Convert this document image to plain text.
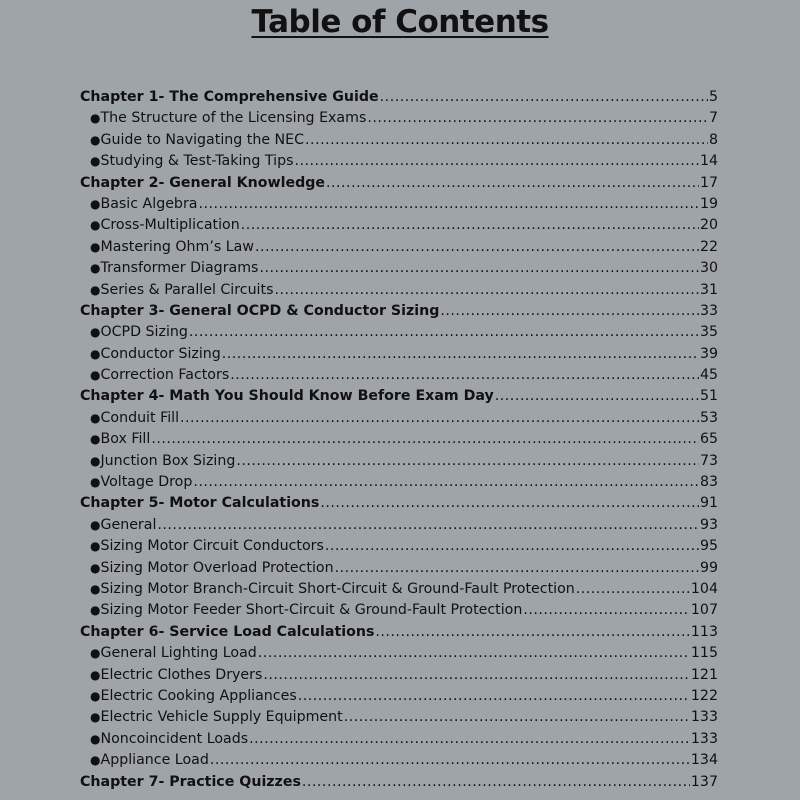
Table of Contents
Chapter 1- The Comprehensive Guide .....	5
● The Structure of the Licensing Exams .....	7
● Guide to Navigating the NEC .....	8
● Studying & Test-Taking Tips .....	14
Chapter 2- General Knowledge .....	17
● Basic Algebra .....	19
● Cross-Multiplication .....	20
● Mastering Ohm’s Law .....	22
● Transformer Diagrams .....	30
● Series & Parallel Circuits .....	31
Chapter 3- General OCPD & Conductor Sizing .....	33
● OCPD Sizing .....	35
● Conductor Sizing .....	39
● Correction Factors .....	45
Chapter 4- Math You Should Know Before Exam Day .....	51
● Conduit Fill .....	53
● Box Fill .....	65
● Junction Box Sizing .....	73
● Voltage Drop .....	83
Chapter 5- Motor Calculations .....	91
● General .....	93
● Sizing Motor Circuit Conductors .....	95
● Sizing Motor Overload Protection .....	99
● Sizing Motor Branch-Circuit Short-Circuit & Ground-Fault Protection .....	104
● Sizing Motor Feeder Short-Circuit & Ground-Fault Protection .....	107
Chapter 6- Service Load Calculations .....	113
● General Lighting Load .....	115
● Electric Clothes Dryers .....	121
● Electric Cooking Appliances .....	122
● Electric Vehicle Supply Equipment .....	133
● Noncoincident Loads .....	133
● Appliance Load .....	134
Chapter 7- Practice Quizzes .....	137
